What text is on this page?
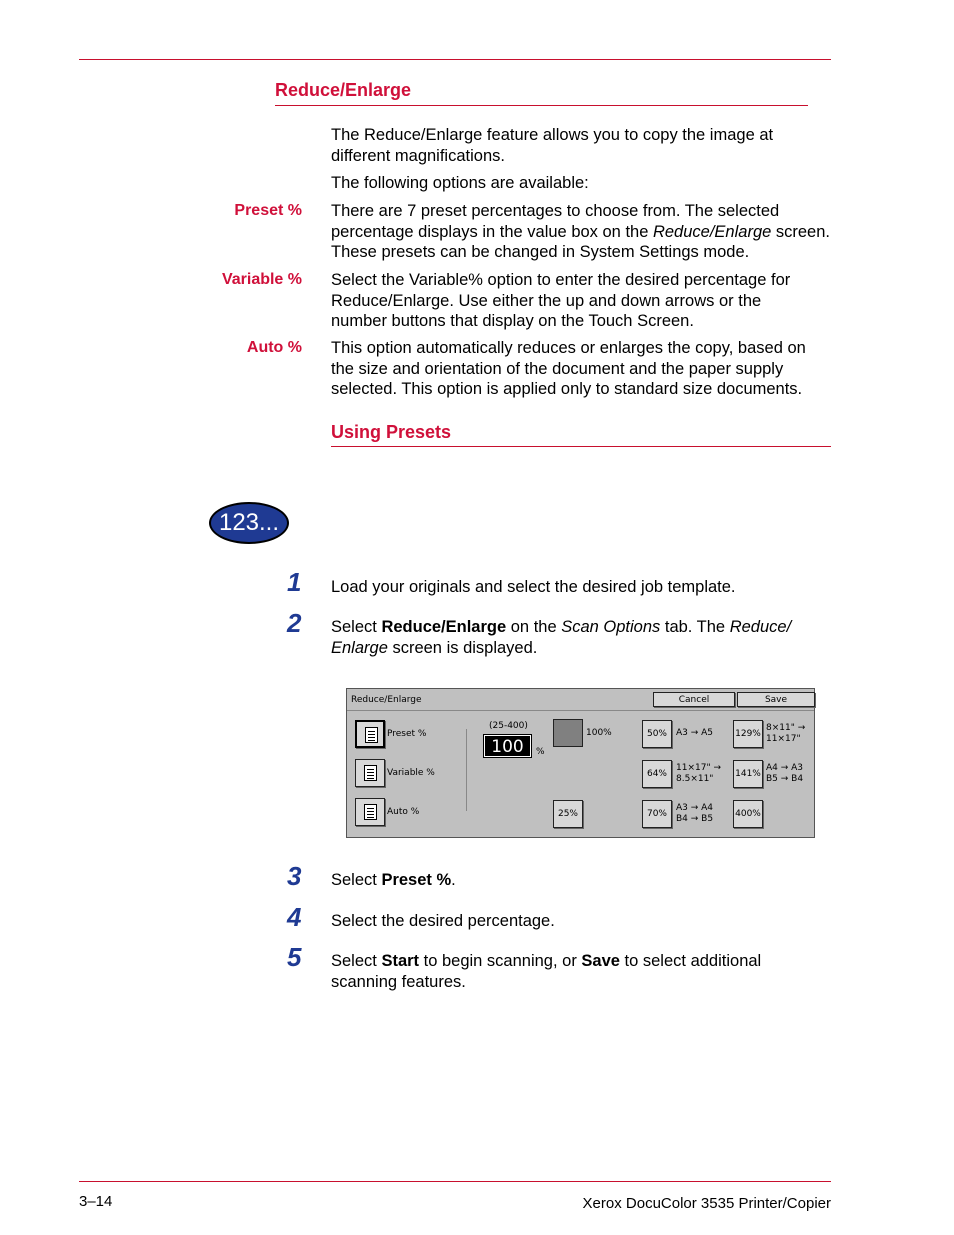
Reduce/Enlarge
The Reduce/Enlarge feature allows you to copy the image at different magnifications.
The following options are available:
Preset % There are 7 preset percentages to choose from. The selected percentage displays in the value box on the Reduce/Enlarge screen. These presets can be changed in System Settings mode.
Variable % Select the Variable% option to enter the desired percentage for Reduce/Enlarge. Use either the up and down arrows or the number buttons that display on the Touch Screen.
Auto % This option automatically reduces or enlarges the copy, based on the size and orientation of the document and the paper supply selected. This option is applied only to standard size documents.
Using Presets
123...
1 Load your originals and select the desired job template.
2 Select Reduce/Enlarge on the Scan Options tab. The Reduce/ Enlarge screen is displayed.
Reduce/Enlarge	Cancel	Save
Preset %
Variable %
Auto %
(25-400)
100	%
100%
25%
50%	A3 → A5
64%
11×17" → 8.5×11"
70%
A3 → A4 B4 → B5
129%
8×11" → 11×17"
141%
A4 → A3 B5 → B4
400%
3 Select Preset %.
4 Select the desired percentage.
5 Select Start to begin scanning, or Save to select additional scanning features.
3–14	Xerox DocuColor 3535 Printer/Copier
